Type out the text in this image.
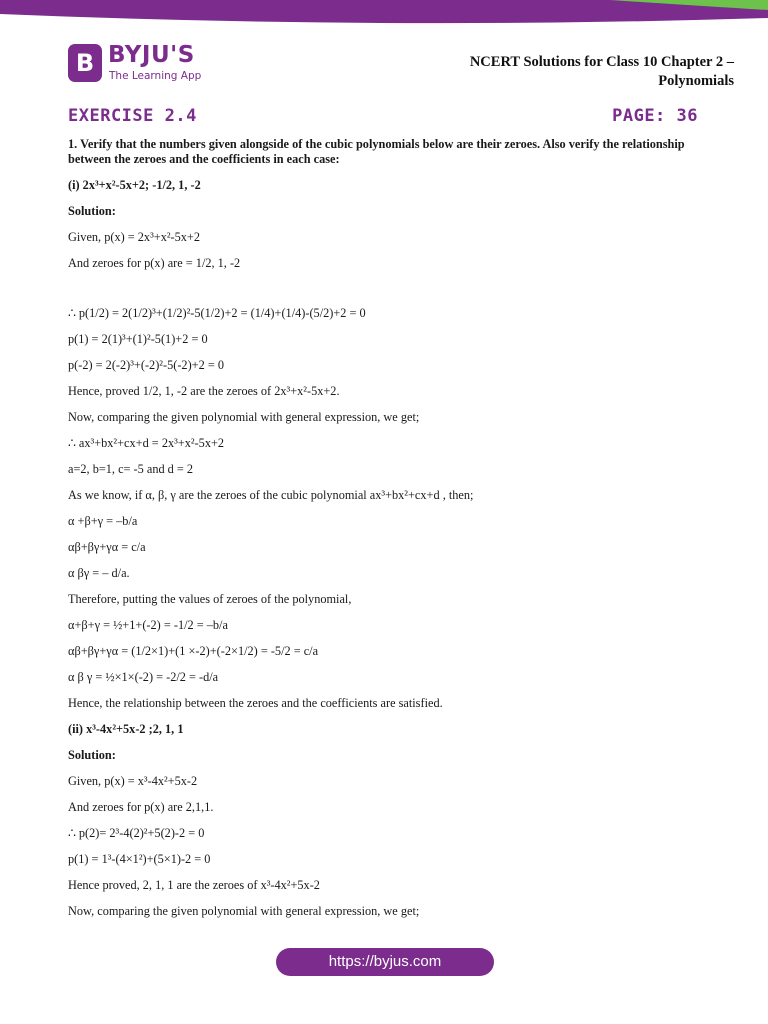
B BYJU'S
The Learning App
NCERT Solutions for Class 10 Chapter 2 –
Polynomials
EXERCISE 2.4	PAGE: 36

1. Verify that the numbers given alongside of the cubic polynomials below are their zeroes. Also verify the relationship between the zeroes and the coefficients in each case:

(i) 2x³+x²-5x+2; -1/2, 1, -2

Solution:

Given, p(x) = 2x³+x²-5x+2

And zeroes for p(x) are = 1/2, 1, -2

∴ p(1/2) = 2(1/2)³+(1/2)²-5(1/2)+2 = (1/4)+(1/4)-(5/2)+2 = 0

p(1) = 2(1)³+(1)²-5(1)+2 = 0

p(-2) = 2(-2)³+(-2)²-5(-2)+2 = 0

Hence, proved 1/2, 1, -2 are the zeroes of 2x³+x²-5x+2.

Now, comparing the given polynomial with general expression, we get;

∴ ax³+bx²+cx+d = 2x³+x²-5x+2

a=2, b=1, c= -5 and d = 2

As we know, if α, β, γ are the zeroes of the cubic polynomial ax³+bx²+cx+d , then;

α +β+γ = –b/a

αβ+βγ+γα = c/a

α βγ = – d/a.

Therefore, putting the values of zeroes of the polynomial,

α+β+γ = ½+1+(-2) = -1/2 = –b/a

αβ+βγ+γα = (1/2×1)+(1 ×-2)+(-2×1/2) = -5/2 = c/a

α β γ = ½×1×(-2) = -2/2 = -d/a

Hence, the relationship between the zeroes and the coefficients are satisfied.

(ii) x³-4x²+5x-2 ;2, 1, 1

Solution:

Given, p(x) = x³-4x²+5x-2

And zeroes for p(x) are 2,1,1.

∴ p(2)= 2³-4(2)²+5(2)-2 = 0

p(1) = 1³-(4×1²)+(5×1)-2 = 0

Hence proved, 2, 1, 1 are the zeroes of x³-4x²+5x-2

Now, comparing the given polynomial with general expression, we get;

https://byjus.com
